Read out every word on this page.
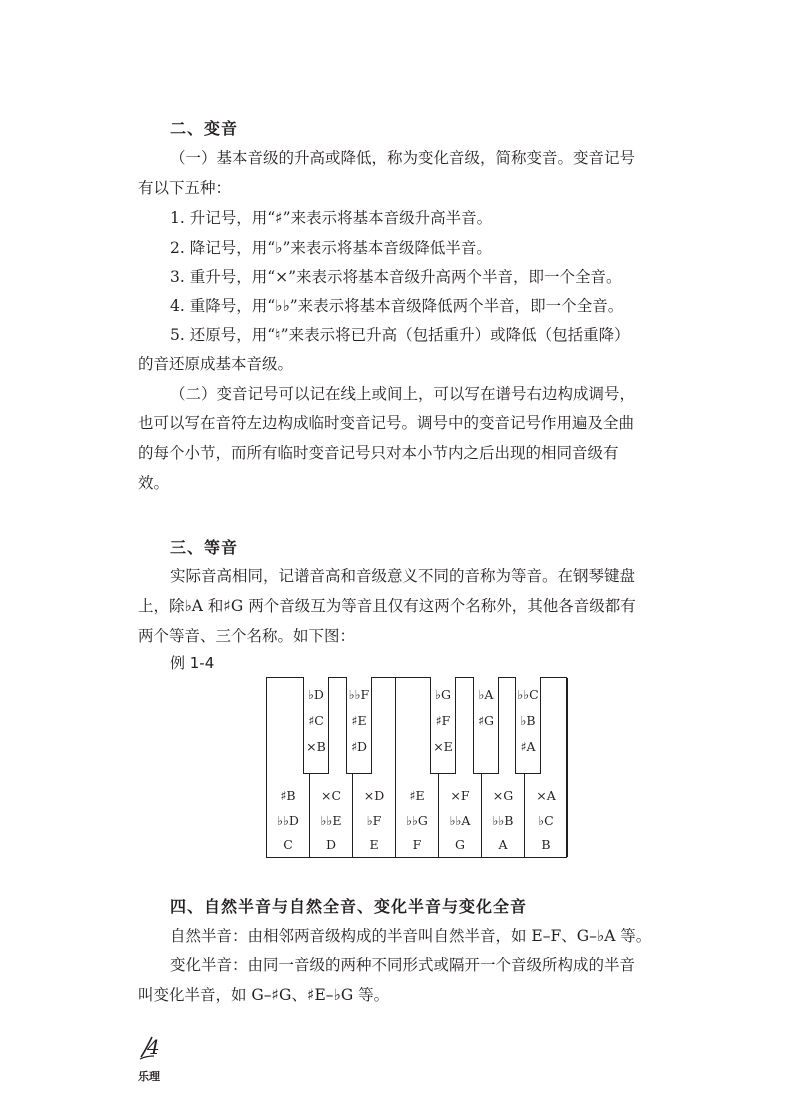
二、变音
（一）基本音级的升高或降低，称为变化音级，简称变音。变音记号
有以下五种：
1. 升记号，用“♯”来表示将基本音级升高半音。
2. 降记号，用“♭”来表示将基本音级降低半音。
3. 重升号，用“×”来表示将基本音级升高两个半音，即一个全音。
4. 重降号，用“♭♭”来表示将基本音级降低两个半音，即一个全音。
5. 还原号，用“♮”来表示将已升高（包括重升）或降低（包括重降）
的音还原成基本音级。
（二）变音记号可以记在线上或间上，可以写在谱号右边构成调号，
也可以写在音符左边构成临时变音记号。调号中的变音记号作用遍及全曲
的每个小节，而所有临时变音记号只对本小节内之后出现的相同音级有
效。
三、等音
实际音高相同，记谱音高和音级意义不同的音称为等音。在钢琴键盘
上，除♭A 和♯G 两个音级互为等音且仅有这两个名称外，其他各音级都有
两个等音、三个名称。如下图：
例 1-4
♯B
♭♭D
C
×C
♭♭E
D
×D
♭F
E
♯E
♭♭G
F
×F
♭♭A
G
×G
♭♭B
A
×A
♭C
B
♭D
♯C
×B
♭♭F
♯E
♯D
♭G
♯F
×E
♭A
♯G
♭♭C
♭B
♯A
四、自然半音与自然全音、变化半音与变化全音
自然半音：由相邻两音级构成的半音叫自然半音，如 E–F、G–♭A 等。
变化半音：由同一音级的两种不同形式或隔开一个音级所构成的半音
叫变化半音，如 G–♯G、♯E–♭G 等。
4
乐理
